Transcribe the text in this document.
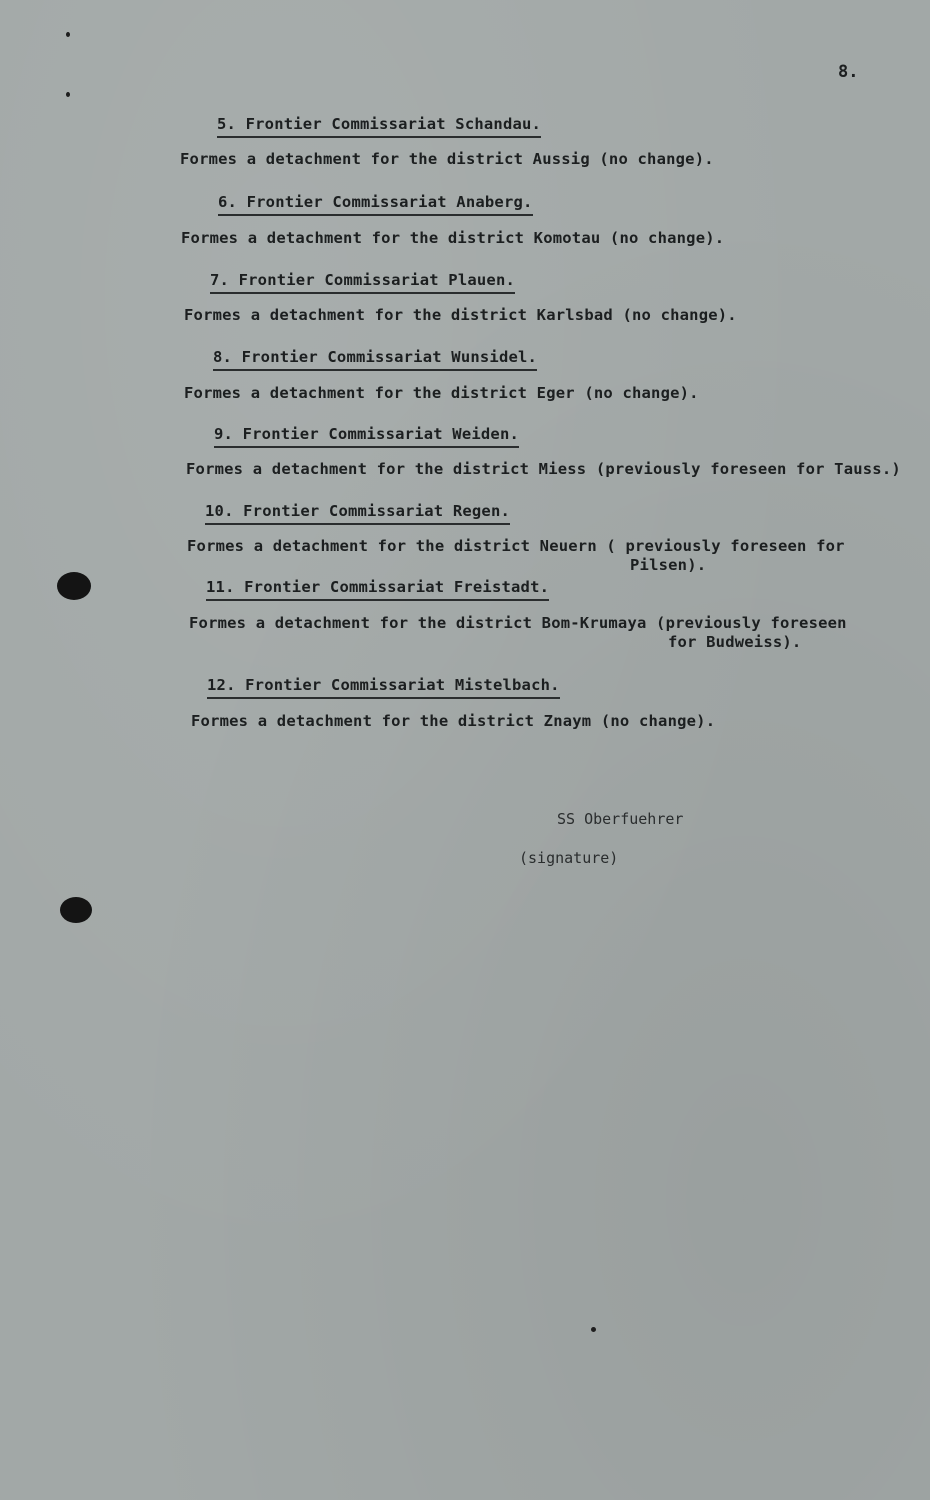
8.

5. Frontier Commissariat Schandau.

Formes a detachment for the district Aussig (no change).

6. Frontier Commissariat Anaberg.

Formes a detachment for the district Komotau (no change).

7. Frontier Commissariat Plauen.

Formes a detachment for the district Karlsbad (no change).

8. Frontier Commissariat Wunsidel.

Formes a detachment for the district Eger (no change).

9. Frontier Commissariat Weiden.

Formes a detachment for the district Miess (previously foreseen for Tauss.)

10. Frontier Commissariat Regen.

Formes a detachment for the district Neuern ( previously foreseen for

Pilsen).

11. Frontier Commissariat Freistadt.

Formes a detachment for the district Bom-Krumaya (previously foreseen

for Budweiss).

12. Frontier Commissariat Mistelbach.

Formes a detachment for the district Znaym (no change).

SS Oberfuehrer

(signature)
